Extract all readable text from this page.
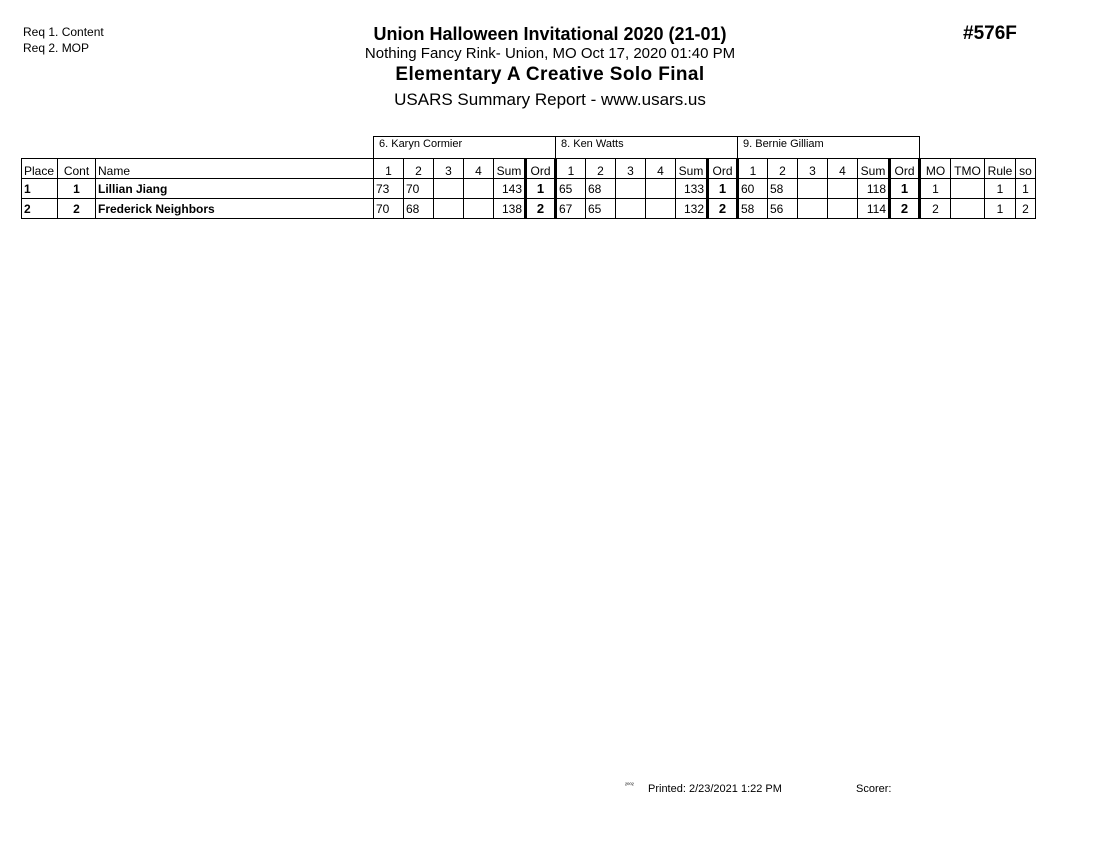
Req 1. Content
Req 2. MOP
Union Halloween Invitational 2020 (21-01)
Nothing Fancy Rink- Union, MO Oct 17, 2020 01:40 PM
Elementary A Creative Solo Final
USARS Summary Report - www.usars.us
#576F
			6. Karyn Cormier						8. Ken Watts						9. Bernie Gilliam									
Place	Cont	Name	1	2	3	4	Sum	Ord	1	2	3	4	Sum	Ord	1	2	3	4	Sum	Ord	MO	TMO	Rule	so
1	1	Lillian Jiang	73	70			143	1	65	68			133	1	60	58			118	1	1		1	1
2	2	Frederick Neighbors	70	68			138	2	67	65			132	2	58	56			114	2	2		1	2
²⁰⁰² Printed: 2/23/2021 1:22 PM	Scorer:
